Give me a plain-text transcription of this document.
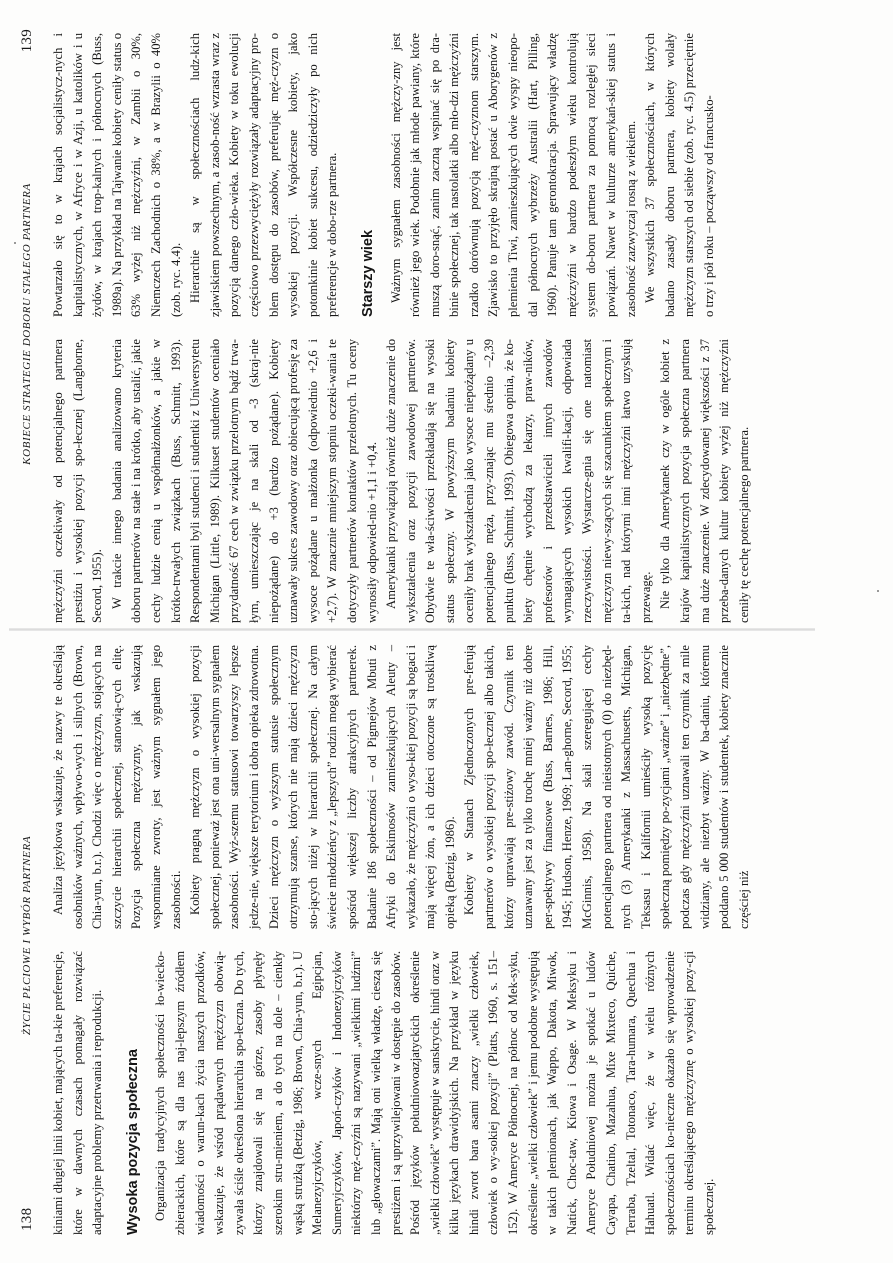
138
ŻYCIE PŁCIOWE I WYBÓR PARTNERA

kiniami długiej linii kobiet, mających ta-kie preferencje, które w dawnych czasach pomagały rozwiązać adaptacyjne problemy przetrwania i reprodukcji. Wysoka pozycja społeczna Organizacja tradycyjnych społeczności ło-wiecko-zbierackich, które są dla nas naj-lepszym źródłem wiadomości o warun-kach życia naszych przodków, wskazuje, że wśród prądawnych mężczyzn obowią-zywała ściśle określona hierarchia spo-łeczna. Do tych, którzy znajdowali się na górze, zasoby płynęły szerokim stru-mieniem, a do tych na dole – cienkły wąską strużką (Betzig, 1986; Brown, Chia-yun, b.r.). U Melanezyjczyków, wcze-snych Egipcjan, Sumeryjczyków, Japoń-czyków i Indonezyjczyków niektórzy męż-czyźni są nazywani „wielkimi ludźmi” lub „głowaczami”. Mają oni wielką władzę, cieszą się prestiżem i są uprzywilejowani w dostępie do zasobów. Pośród języków południowoazjatyckich określenie „wielki człowiek” występuje w sanskrycie, hindi oraz w kilku językach drawidyjskich. Na przykład w języku hindi zwrot bara asami znaczy „wielki człowiek, człowiek o wy-sokiej pozycji” (Platts, 1960, s. 151–152). W Ameryce Północnej, na północ od Mek-syku, określenie „wielki człowiek” i jemu podobne występują w takich plemionach, jak Wappo, Dakota, Miwok, Natick, Choc-taw, Kiowa i Osage. W Meksyku i Ameryce Południowej można je spotkać u ludów Cayapa, Chatino, Mazahua, Mixe Mixteco, Quiche, Terraba, Tzeltal, Totonaco, Tara-humara, Quechua i Hahuatl. Widać więc, że w wielu różnych społecznościach ko-nieczne okazało się wprowadzenie terminu określającego mężczyznę o wysokiej pozy-cji społecznej.

Analiza językowa wskazuje, że nazwy te określają osobników ważnych, wpływo-wych i silnych (Brown, Chia-yun, b.r.). Chodzi więc o mężczyzn, stojących na szczycie hierarchii społecznej, stanowią-cych elitę. Pozycja społeczna mężczyzny, jak wskazują wspomniane zwroty, jest ważnym sygnałem jego zasobności. Kobiety pragną mężczyzn o wysokiej pozycji społecznej, ponieważ jest ona uni-wersalnym sygnałem zasobności. Wyż-szemu statusowi towarzyszy lepsze jedze-nie, większe terytorium i dobra opieka zdrowotna. Dzieci mężczyzn o wyższym statusie społecznym otrzymują szanse, których nie mają dzieci mężczyzn sto-jących niżej w hierarchii społecznej. Na całym świecie młodzieńcy z „lepszych” rodzin mogą wybierać spośród większej liczby atrakcyjnych partnerek. Badanie 186 społeczności – od Pigmejów Mbuti z Afryki do Eskimosów zamieszkujących Aleuty – wykazało, że mężczyźni o wyso-kiej pozycji są bogaci i mają więcej żon, a ich dzieci otoczone są troskliwą opieką (Betzig, 1986). Kobiety w Stanach Zjednoczonych pre-ferują partnerów o wysokiej pozycji spo-łecznej albo takich, którzy uprawiają pre-stiżowy zawód. Czynnik ten uznawany jest za tylko trochę mniej ważny niż dobre per-spektywy finansowe (Buss, Barnes, 1986; Hill, 1945; Hudson, Henze, 1969; Lan-ghorne, Secord, 1955; McGinnis, 1958). Na skali szeregującej cechy potencjalnego partnera od nieistotnych (0) do niezbęd-nych (3) Amerykanki z Massachusetts, Michigan, Teksasu i Kalifornii umieściły wysoką pozycję społeczną pomiędzy po-zycjami „ważne” i „niezbędne”, podczas gdy mężczyźni uznawali ten czynnik za mile widziany, ale niezbyt ważny. W ba-daniu, któremu poddano 5 000 studentów i studentek, kobiety znacznie częściej niż

KOBIECE STRATEGIE DOBORU STAŁEGO PARTNERA
139

mężczyźni oczekiwały od potencjalnego partnera prestiżu i wysokiej pozycji spo-łecznej (Langhorne, Secord, 1955). W trakcie innego badania analizowano kryteria doboru partnerów na stałe i na krótko, aby ustalić, jakie cechy ludzie cenią u współmałżonków, a jakie w krótko-trwałych związkach (Buss, Schmitt, 1993). Respondentami byli studenci i studentki z Uniwersytetu Michigan (Little, 1989). Kilkuset studentów oceniało przydatność 67 cech w związku przelotnym bądź trwa-łym, umieszczając je na skali od -3 (skraj-nie niepożądane) do +3 (bardzo pożądane). Kobiety uznawały sukces zawodowy oraz obiecującą profesję za wysoce pożądane u małżonka (odpowiednio +2,6 i +2,7). W znacznie mniejszym stopniu oczeki-wania te dotyczyły partnerów kontaktów przelotnych. Tu oceny wynosiły odpowied-nio +1,1 i +0,4. Amerykanki przywiązują również duże znaczenie do wykształcenia oraz pozycji zawodowej partnerów. Obydwie te wła-ściwości przekładają się na wysoki status społeczny. W powyższym badaniu kobiety oceniły brak wykształcenia jako wysoce niepożądany u potencjalnego męża, przy-znając mu średnio –2,39 punktu (Buss, Schmitt, 1993). Obiegowa opinia, że ko-biety chętnie wychodzą za lekarzy, praw-ników, profesorów i przedstawicieli innych zawodów wymagających wysokich kwalifi-kacji, odpowiada rzeczywistości. Wystarcze-gnia się one natomiast mężczyzn niewy-szących się szacunkiem społecznym i ta-kich, nad którymi inni mężczyźni łatwo uzyskują przewagę. Nie tylko dla Amerykanek czy w ogóle kobiet z krajów kapitalistycznych pozycja społeczna partnera ma duże znaczenie. W zdecydowanej większości z 37 przeba-danych kultur kobiety wyżej niż mężczyźni ceniły tę cechę potencjalnego partnera.

Powtarzało się to w krajach socjalistycz-nych i kapitalistycznych, w Afryce i w Azji, u katolików i u żydów, w krajach trop-kalnych i północnych (Buss, 1989a). Na przykład na Tajwanie kobiety ceniły status o 63% wyżej niż mężczyźni, w Zambii o 30%, Niemczech Zachodnich o 38%, a w Brazylii o 40% (zob. ryc. 4.4). Hierarchie są w społecznościach ludz-kich zjawiskiem powszechnym, a zasob-ność wzrasta wraz z pozycją danego czło-wieka. Kobiety w toku ewolucji częściowo przezwyciężyły rozwiązały adaptacyjny pro-blem dostępu do zasobów, preferując męż-czyzn o wysokiej pozycji. Współczesne kobiety, jako potomkinie kobiet sukcesu, odziedziczyły po nich preferencje w dobo-rze partnera. Starszy wiek Ważnym sygnałem zasobności mężczy-zny jest również jego wiek. Podobnie jak młode pawiany, które muszą doro-snąć, zanim zaczną wspinać się po dra-binie społecznej, tak nastolatki albo mło-dzi mężczyźni rzadko dorównują pozycją męż-czyznom starszym. Zjawisko to przyjęło skrajną postać u Aborygenów z plemienia Tiwi, zamieszkujących dwie wyspy nieopo-dal północnych wybrzeży Australii (Hart, Pilling, 1960). Panuje tam gerontokracja. Sprawujący władzę mężczyźni w bardzo podeszłym wieku kontrolują system do-boru partnera za pomocą rozległej sieci powiązań. Nawet w kulturze amerykań-skiej status i zasobność zazwyczaj rosną z wiekiem. We wszystkich 37 społecznościach, w których badano zasady doboru partnera, kobiety wolały mężczyzn starszych od siebie (zob. ryc. 4.5) przeciętnie o trzy i pół roku – począwszy od francusko-
